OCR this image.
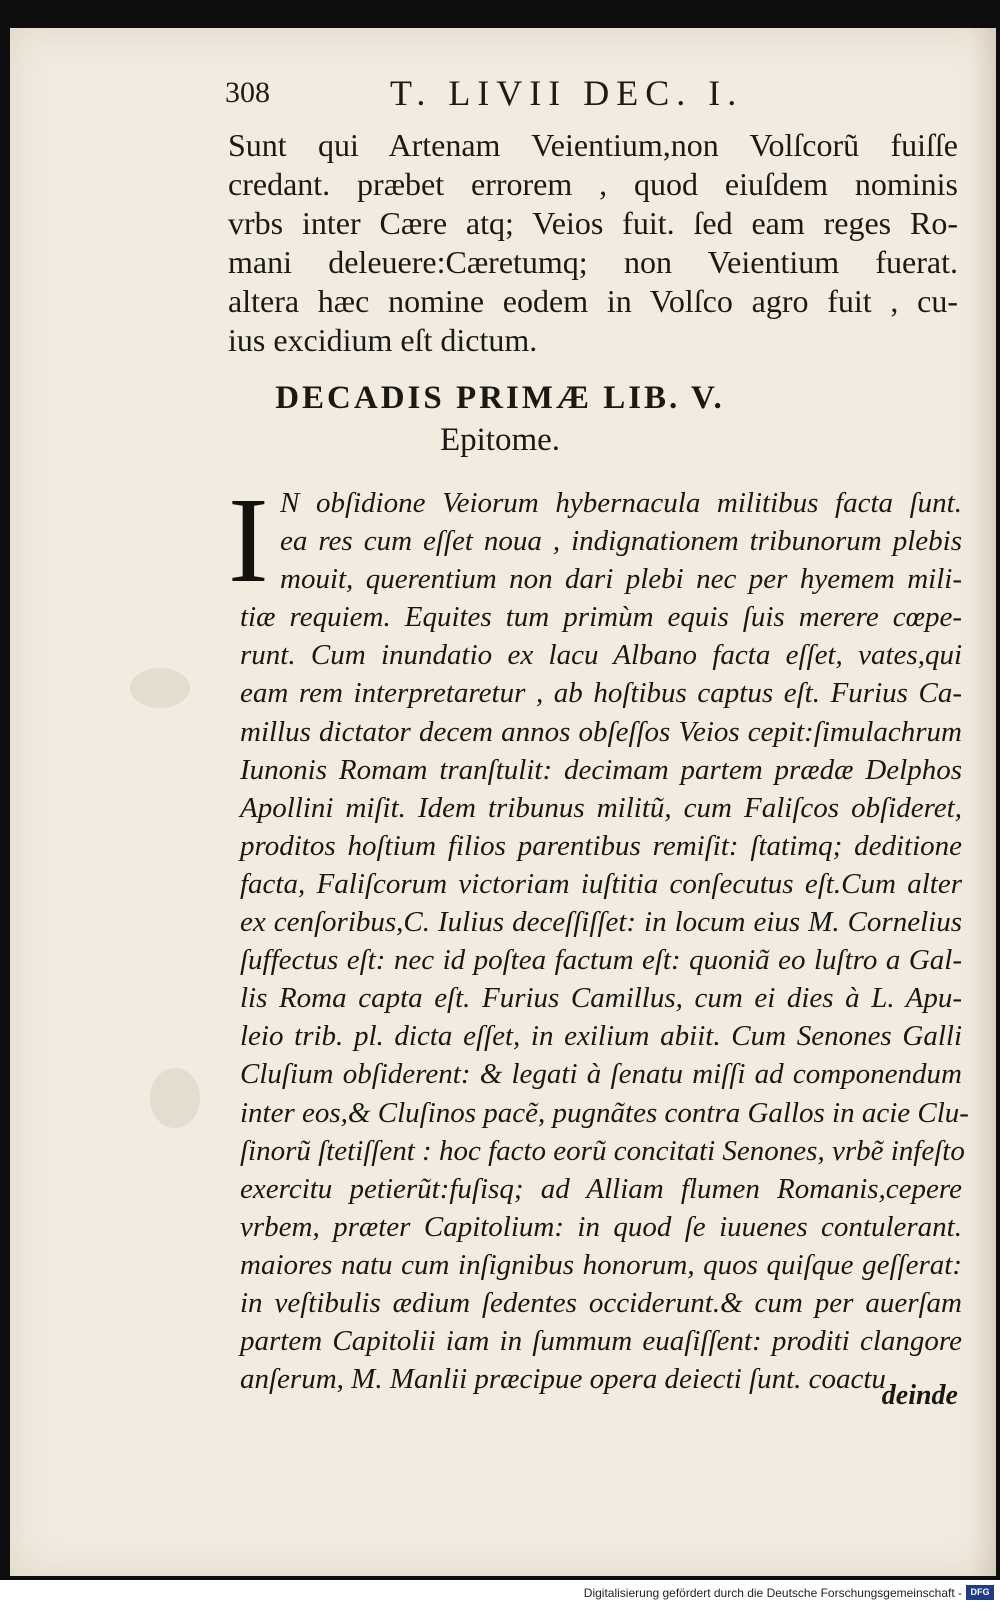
308	T. LIVII DEC. I.
Sunt qui Artenam Veientium,non Volſcorũ fuiſſe
credant. præbet errorem , quod eiuſdem nominis
vrbs inter Cære atq; Veios fuit. ſed eam reges Ro-
mani deleuere:Cæretumq; non Veientium fuerat.
altera hæc nomine eodem in Volſco agro fuit , cu-
ius excidium eſt dictum.
DECADIS PRIMÆ LIB. V.
Epitome.
I N obſidione Veiorum hybernacula militibus facta ſunt.
ea res cum eſſet noua , indignationem tribunorum plebis
mouit, querentium non dari plebi nec per hyemem mili-
tiæ requiem. Equites tum primùm equis ſuis merere cœpe-
runt. Cum inundatio ex lacu Albano facta eſſet, vates,qui
eam rem interpretaretur , ab hoſtibus captus eſt. Furius Ca-
millus dictator decem annos obſeſſos Veios cepit:ſimulachrum
Iunonis Romam tranſtulit: decimam partem prædæ Delphos
Apollini miſit. Idem tribunus militũ, cum Faliſcos obſideret,
proditos hoſtium filios parentibus remiſit: ſtatimq; deditione
facta, Faliſcorum victoriam iuſtitia conſecutus eſt.Cum alter
ex cenſoribus,C. Iulius deceſſiſſet: in locum eius M. Cornelius
ſuffectus eſt: nec id poſtea factum eſt: quoniã eo luſtro a Gal-
lis Roma capta eſt. Furius Camillus, cum ei dies à L. Apu-
leio trib. pl. dicta eſſet, in exilium abiit. Cum Senones Galli
Cluſium obſiderent: & legati à ſenatu miſſi ad componendum
inter eos,& Cluſinos pacẽ, pugnãtes contra Gallos in acie Clu-
ſinorũ ſtetiſſent : hoc facto eorũ concitati Senones, vrbẽ infeſto
exercitu petierũt:fuſisq; ad Alliam flumen Romanis,cepere
vrbem, præter Capitolium: in quod ſe iuuenes contulerant.
maiores natu cum inſignibus honorum, quos quiſque geſſerat:
in veſtibulis ædium ſedentes occiderunt.& cum per auerſam
partem Capitolii iam in ſummum euaſiſſent: proditi clangore
anſerum, M. Manlii præcipue opera deiecti ſunt. coactu
deinde
Digitalisierung gefördert durch die Deutsche Forschungsgemeinschaft - DFG
